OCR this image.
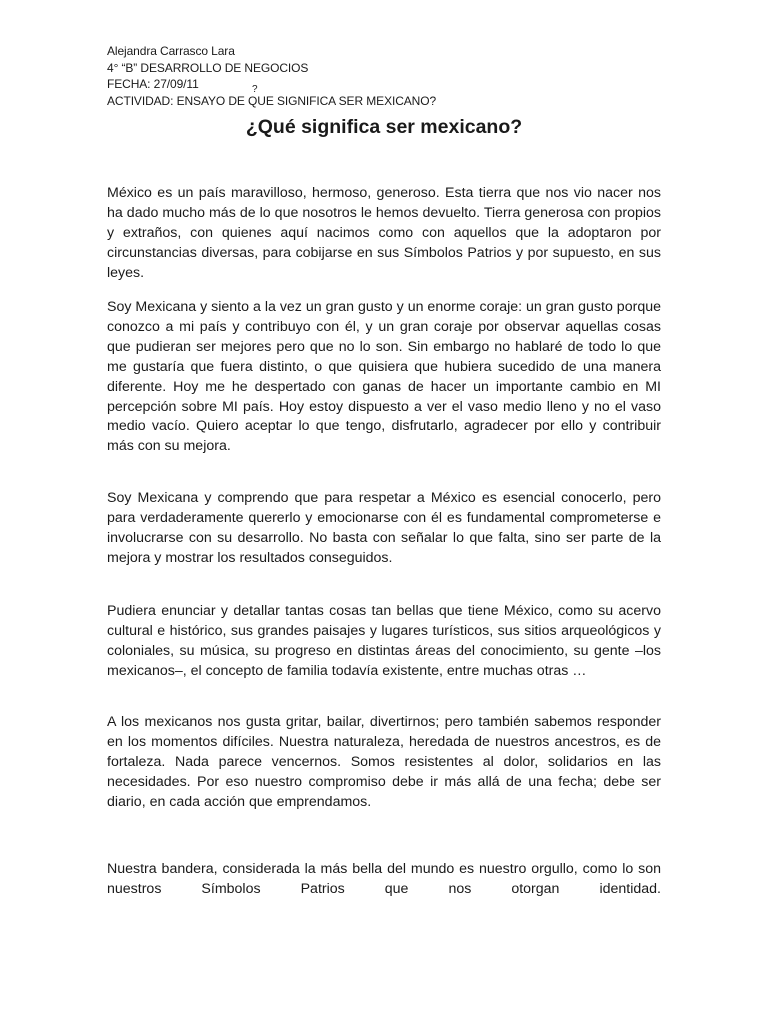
Alejandra Carrasco Lara
4° “B” DESARROLLO DE NEGOCIOS
FECHA: 27/09/11	?
ACTIVIDAD: ENSAYO DE QUE SIGNIFICA SER MEXICANO?
¿Qué significa ser mexicano?

México es un país maravilloso, hermoso, generoso. Esta tierra que nos vio nacer nos ha dado mucho más de lo que nosotros le hemos devuelto. Tierra generosa con propios y extraños, con quienes aquí nacimos como con aquellos que la adoptaron por circunstancias diversas, para cobijarse en sus Símbolos Patrios y por supuesto, en sus leyes.

Soy Mexicana y siento a la vez un gran gusto y un enorme coraje: un gran gusto porque conozco a mi país y contribuyo con él, y un gran coraje por observar aquellas cosas que pudieran ser mejores pero que no lo son. Sin embargo no hablaré de todo lo que me gustaría que fuera distinto, o que quisiera que hubiera sucedido de una manera diferente. Hoy me he despertado con ganas de hacer un importante cambio en MI percepción sobre MI país. Hoy estoy dispuesto a ver el vaso medio lleno y no el vaso medio vacío. Quiero aceptar lo que tengo, disfrutarlo, agradecer por ello y contribuir más con su mejora.

Soy Mexicana y comprendo que para respetar a México es esencial conocerlo, pero para verdaderamente quererlo y emocionarse con él es fundamental comprometerse e involucrarse con su desarrollo. No basta con señalar lo que falta, sino ser parte de la mejora y mostrar los resultados conseguidos.

Pudiera enunciar y detallar tantas cosas tan bellas que tiene México, como su acervo cultural e histórico, sus grandes paisajes y lugares turísticos, sus sitios arqueológicos y coloniales, su música, su progreso en distintas áreas del conocimiento, su gente –los mexicanos–, el concepto de familia todavía existente, entre muchas otras …

A los mexicanos nos gusta gritar, bailar, divertirnos; pero también sabemos responder en los momentos difíciles. Nuestra naturaleza, heredada de nuestros ancestros, es de fortaleza. Nada parece vencernos. Somos resistentes al dolor, solidarios en las necesidades. Por eso nuestro compromiso debe ir más allá de una fecha; debe ser diario, en cada acción que emprendamos.

Nuestra bandera, considerada la más bella del mundo es nuestro orgullo, como lo son nuestros Símbolos Patrios que nos otorgan identidad.
